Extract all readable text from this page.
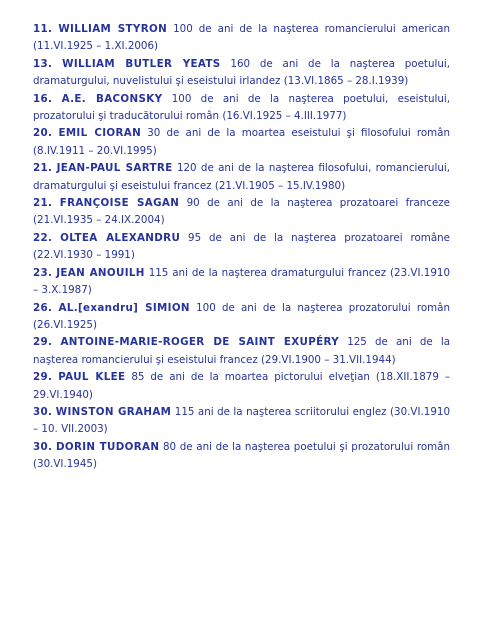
11. WILLIAM STYRON 100 de ani de la naşterea romancierului american (11.VI.1925 – 1.XI.2006)

13. WILLIAM BUTLER YEATS 160 de ani de la naşterea poetului, dramaturgului, nuvelistului şi eseistului irlandez (13.VI.1865 – 28.I.1939)

16. A.E. BACONSKY 100 de ani de la naşterea poetului, eseistului, prozatorului şi traducătorului român (16.VI.1925 – 4.III.1977)

20. EMIL CIORAN 30 de ani de la moartea eseistului şi filosofului român (8.IV.1911 – 20.VI.1995)

21. JEAN-PAUL SARTRE 120 de ani de la naşterea filosofului, romancierului, dramaturgului şi eseistului francez (21.VI.1905 – 15.IV.1980)

21. FRANÇOISE SAGAN 90 de ani de la naşterea prozatoarei franceze (21.VI.1935 – 24.IX.2004)

22. OLTEA ALEXANDRU 95 de ani de la naşterea prozatoarei române (22.VI.1930 – 1991)

23. JEAN ANOUILH 115 ani de la naşterea dramaturgului francez (23.VI.1910 – 3.X.1987)

26. AL.[exandru] SIMION 100 de ani de la naşterea prozatorului român (26.VI.1925)

29. ANTOINE-MARIE-ROGER DE SAINT EXUPÉRY 125 de ani de la naşterea romancierului şi eseistului francez (29.VI.1900 – 31.VII.1944)

29. PAUL KLEE 85 de ani de la moartea pictorului elveţian (18.XII.1879 – 29.VI.1940)

30. WINSTON GRAHAM 115 ani de la naşterea scriitorului englez (30.VI.1910 – 10. VII.2003)

30. DORIN TUDORAN 80 de ani de la naşterea poetului şi prozatorului român (30.VI.1945)
